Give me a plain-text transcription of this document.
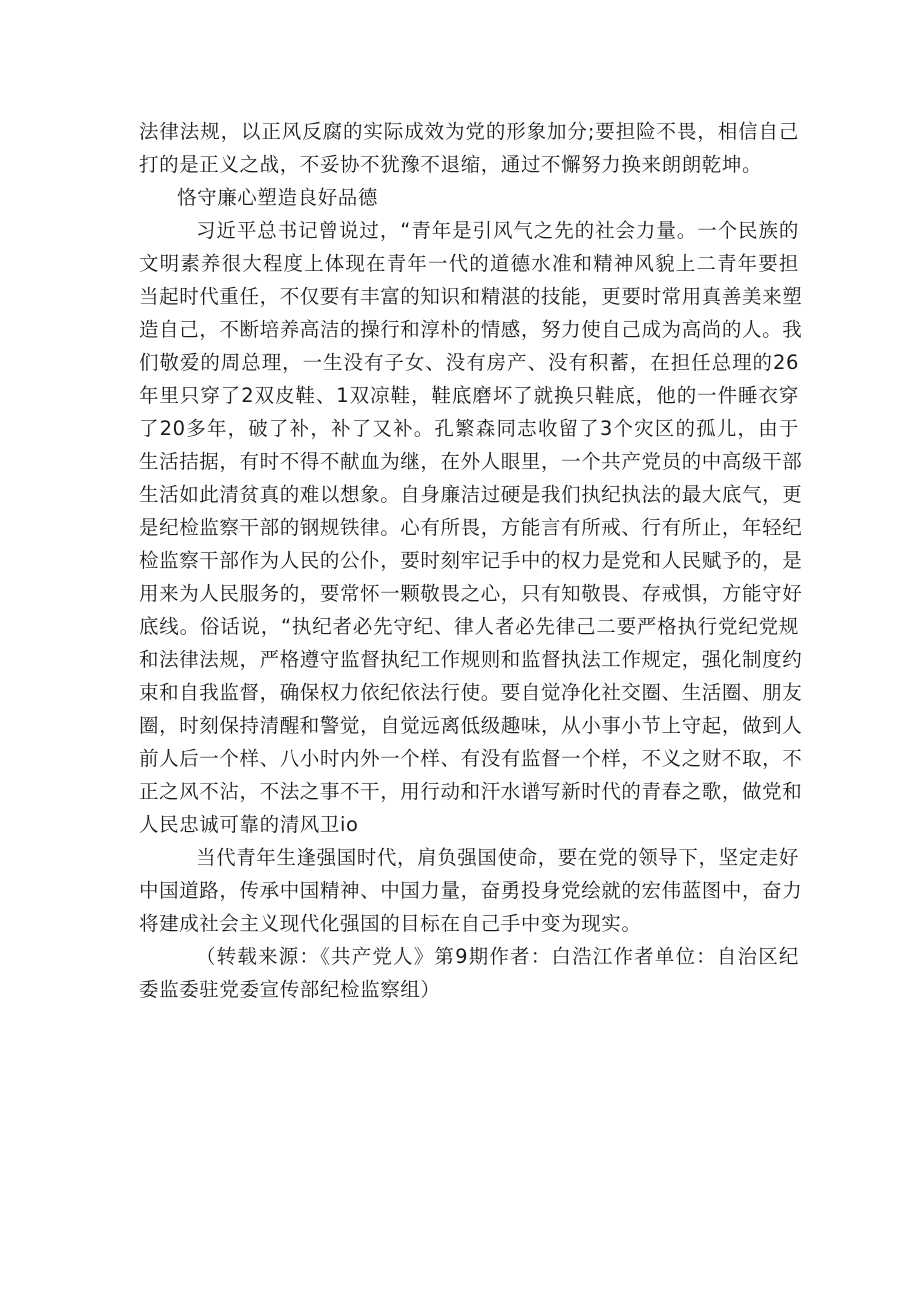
法律法规，以正风反腐的实际成效为党的形象加分;要担险不畏，相信自己
打的是正义之战，不妥协不犹豫不退缩，通过不懈努力换来朗朗乾坤。
恪守廉心塑造良好品德
习近平总书记曾说过，“青年是引风气之先的社会力量。一个民族的
文明素养很大程度上体现在青年一代的道德水准和精神风貌上二青年要担
当起时代重任，不仅要有丰富的知识和精湛的技能，更要时常用真善美来塑
造自己，不断培养高洁的操行和淳朴的情感，努力使自己成为高尚的人。我
们敬爱的周总理，一生没有子女、没有房产、没有积蓄，在担任总理的26
年里只穿了2双皮鞋、1双凉鞋，鞋底磨坏了就换只鞋底，他的一件睡衣穿
了20多年，破了补，补了又补。孔繁森同志收留了3个灾区的孤儿，由于
生活拮据，有时不得不献血为继，在外人眼里，一个共产党员的中高级干部
生活如此清贫真的难以想象。自身廉洁过硬是我们执纪执法的最大底气，更
是纪检监察干部的钢规铁律。心有所畏，方能言有所戒、行有所止，年轻纪
检监察干部作为人民的公仆，要时刻牢记手中的权力是党和人民赋予的，是
用来为人民服务的，要常怀一颗敬畏之心，只有知敬畏、存戒惧，方能守好
底线。俗话说，“执纪者必先守纪、律人者必先律己二要严格执行党纪党规
和法律法规，严格遵守监督执纪工作规则和监督执法工作规定，强化制度约
束和自我监督，确保权力依纪依法行使。要自觉净化社交圈、生活圈、朋友
圈，时刻保持清醒和警觉，自觉远离低级趣味，从小事小节上守起，做到人
前人后一个样、八小时内外一个样、有没有监督一个样，不义之财不取，不
正之风不沾，不法之事不干，用行动和汗水谱写新时代的青春之歌，做党和
人民忠诚可靠的清风卫io
当代青年生逢强国时代，肩负强国使命，要在党的领导下，坚定走好
中国道路，传承中国精神、中国力量，奋勇投身党绘就的宏伟蓝图中，奋力
将建成社会主义现代化强国的目标在自己手中变为现实。
（转载来源：《共产党人》第9期作者：白浩江作者单位：自治区纪
委监委驻党委宣传部纪检监察组）
